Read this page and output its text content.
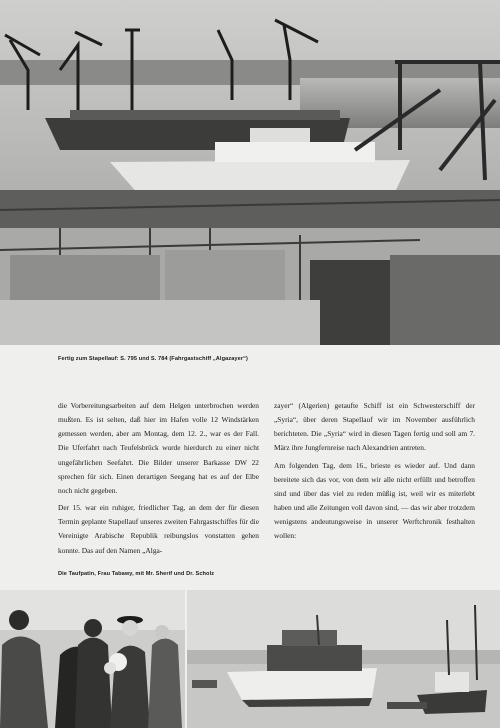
Fertig zum Stapellauf: S. 795 und S. 784 (Fahrgastschiff „Algazayer“)

die Vorbereitungsarbeiten auf dem Helgen unterbrochen werden mußten. Es ist selten, daß hier im Hafen volle 12 Windstärken gemessen werden, aber am Montag, dem 12. 2., war es der Fall. Die Uferfahrt nach Teufelsbrück wurde hierdurch zu einer nicht ungefährlichen Seefahrt. Die Bilder unserer Barkasse DW 22 sprechen für sich. Einen derartigen Seegang hat es auf der Elbe noch nicht gegeben.

Der 15. war ein ruhiger, friedlicher Tag, an dem der für diesen Termin geplante Stapellauf unseres zweiten Fahrgastschiffes für die Vereinigte Arabische Republik reibungslos vonstatten gehen konnte. Das auf den Namen „Alga-

zayer“ (Algerien) getaufte Schiff ist ein Schwesterschiff der „Syria“, über deren Stapellauf wir im November ausführlich berichteten. Die „Syria“ wird in diesen Tagen fertig und soll am 7. März ihre Jungfernreise nach Alexandrien antreten.

Am folgenden Tag, dem 16., brieste es wieder auf. Und dann bereitete sich das vor, von dem wir alle nicht erfüllt und betroffen sind und über das viel zu reden müßig ist, weil wir es miterlebt haben und alle Zeitungen voll davon sind, — das wir aber trotzdem wenigstens andeutungsweise in unserer Werftchronik festhalten wollen:

Die Taufpatin, Frau Tabawy, mit Mr. Sherif und Dr. Scholz
